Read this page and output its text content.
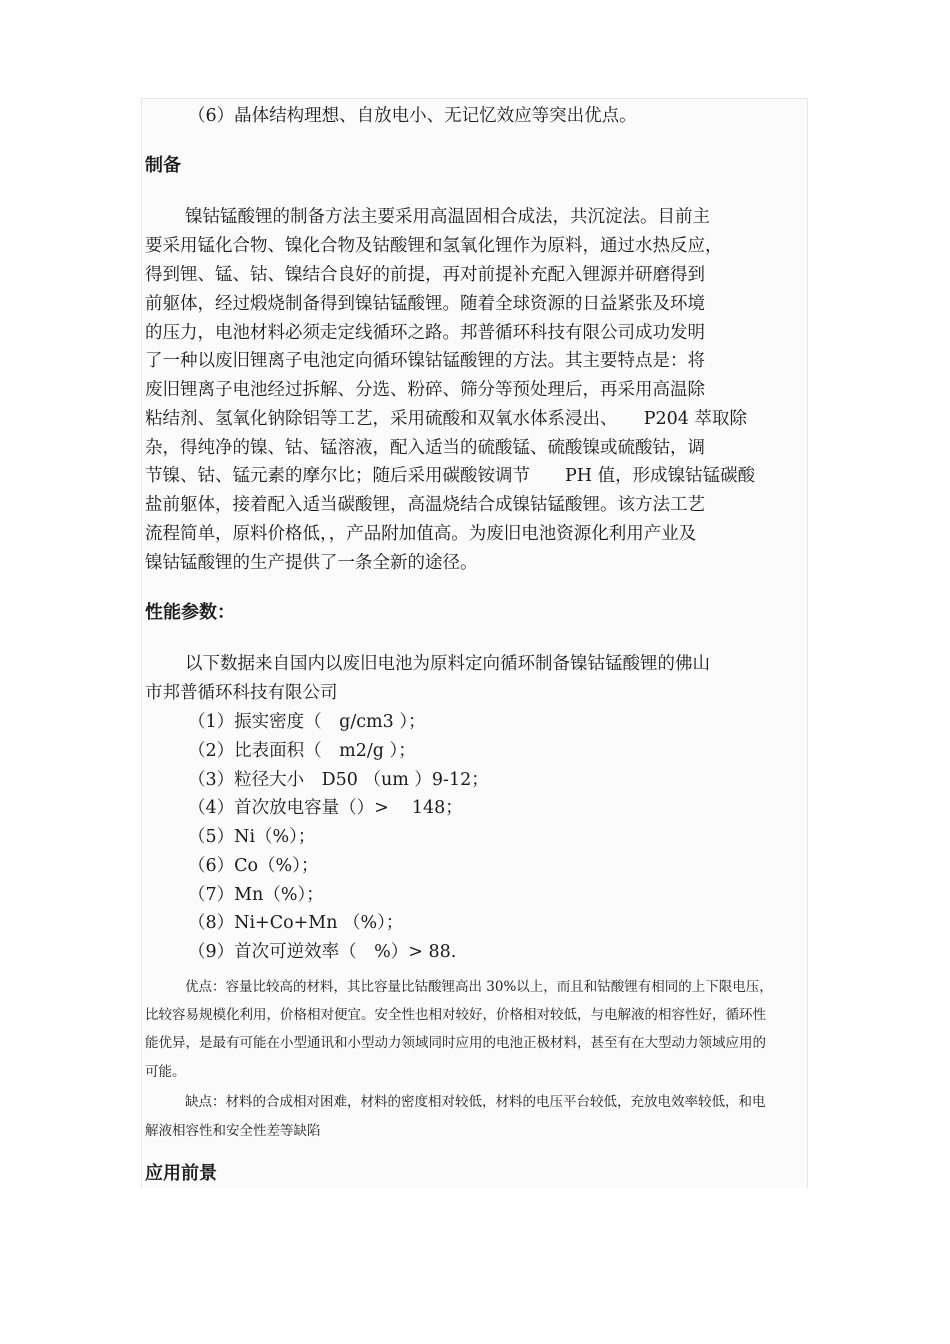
（6）晶体结构理想、自放电小、无记忆效应等突出优点。
制备
镍钴锰酸锂的制备方法主要采用高温固相合成法，共沉淀法。目前主
要采用锰化合物、镍化合物及钴酸锂和氢氧化锂作为原料，通过水热反应，
得到锂、锰、钴、镍结合良好的前提，再对前提补充配入锂源并研磨得到
前躯体，经过煅烧制备得到镍钴锰酸锂。随着全球资源的日益紧张及环境
的压力，电池材料必须走定线循环之路。邦普循环科技有限公司成功发明
了一种以废旧锂离子电池定向循环镍钴锰酸锂的方法。其主要特点是：将
废旧锂离子电池经过拆解、分选、粉碎、筛分等预处理后，再采用高温除
粘结剂、氢氧化钠除铝等工艺，采用硫酸和双氧水体系浸出、　　P204 萃取除
杂，得纯净的镍、钴、锰溶液，配入适当的硫酸锰、硫酸镍或硫酸钴，调
节镍、钴、锰元素的摩尔比；随后采用碳酸铵调节　　PH 值，形成镍钴锰碳酸
盐前躯体，接着配入适当碳酸锂，高温烧结合成镍钴锰酸锂。该方法工艺
流程简单，原料价格低，，产品附加值高。为废旧电池资源化利用产业及
镍钴锰酸锂的生产提供了一条全新的途径。
性能参数：
以下数据来自国内以废旧电池为原料定向循环制备镍钴锰酸锂的佛山
市邦普循环科技有限公司
（1）振实密度（　g/cm3 ）；
（2）比表面积（　m2/g ）；
（3）粒径大小　D50 （um ）9-12；
（4）首次放电容量（）>　 148；
（5）Ni（%）；
（6）Co（%）；
（7）Mn（%）；
（8）Ni+Co+Mn （%）；
（9）首次可逆效率（　%）> 88.
优点：容量比较高的材料，其比容量比钴酸锂高出 30%以上，而且和钴酸锂有相同的上下限电压，
比较容易规模化利用，价格相对便宜。安全性也相对较好，价格相对较低，与电解液的相容性好，循环性
能优异，是最有可能在小型通讯和小型动力领域同时应用的电池正极材料，甚至有在大型动力领域应用的
可能。
缺点：材料的合成相对困难，材料的密度相对较低，材料的电压平台较低，充放电效率较低，和电
解液相容性和安全性差等缺陷
应用前景
